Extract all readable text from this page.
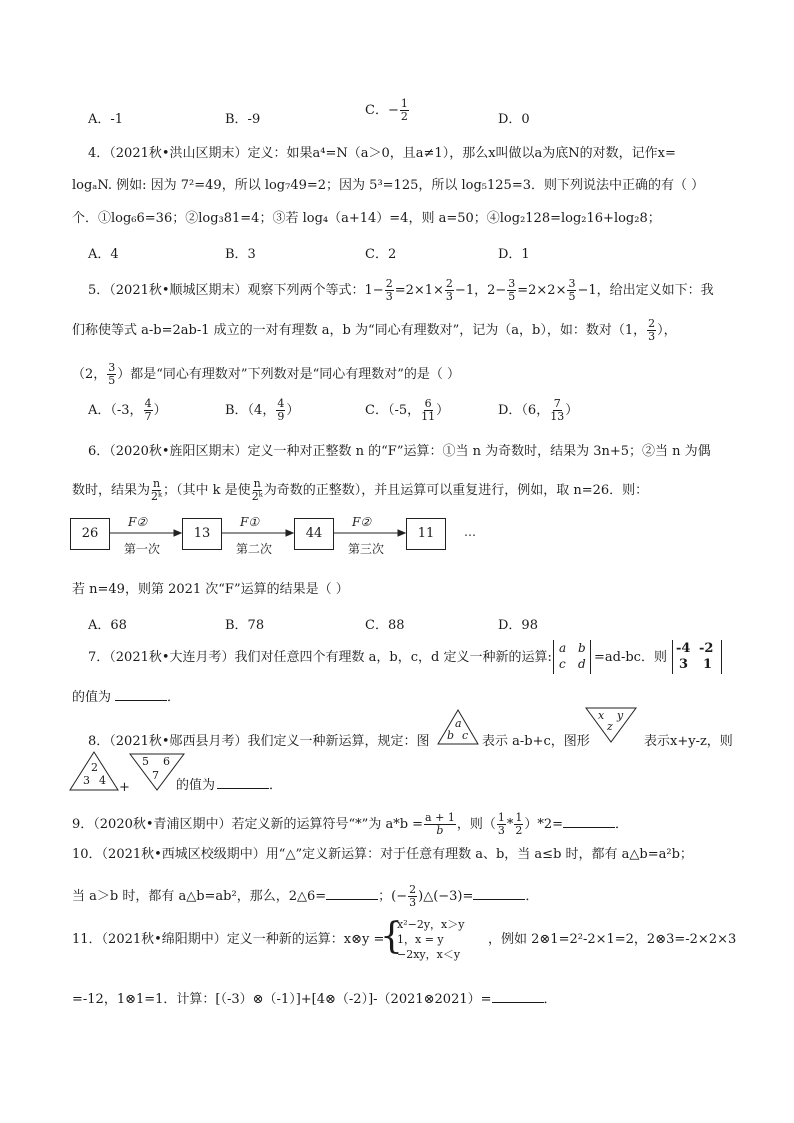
A．-1	B．-9
C．− $\frac{1}{2}$	D．0
4．（2021秋•洪山区期末）定义：如果a⁴=N（a＞0，且a≠1），那么x叫做以a为底N的对数，记作x=
logₐN. 例如: 因为 7²=49，所以 log₇49=2；因为 5³=125，所以 log₅125=3．则下列说法中正确的有（ ）
个．①log₆6=36；②log₃81=4；③若 log₄（a+14）=4，则 a=50；④log₂128=log₂16+log₂8；
A．4	B．3	C．2	D．1
5．（2021秋•顺城区期末）观察下列两个等式：$1- \frac{2}{3} =2\times 1\times \frac{2}{3} -1$，$2- \frac{3}{5} =2\times 2\times \frac{3}{5} -1$，给出定义如下：我
们称使等式 a-b=2ab-1 成立的一对有理数 a，b 为“同心有理数对”，记为（a，b），如：数对（1， $\frac{2}{3}$ ），
（2， $\frac{3}{5}$ ）都是“同心有理数对”下列数对是“同心有理数对”的是（ ）
A．（-3， $\frac{4}{7}$ ）	B．（4， $\frac{4}{9}$ ）	C．（-5， $\frac{6}{11}$ ）	D．（6， $\frac{7}{13}$ ）
6．（2020秋•旌阳区期末）定义一种对正整数 n 的“F”运算：①当 n 为奇数时，结果为 3n+5；②当 n 为偶
数时，结果为 $\frac{n}{\text{2ᵏ}}$ ；（其中 k 是使 $\frac{n}{\text{2ᵏ}}$ 为奇数的正整数），并且运算可以重复进行，例如，取 n=26．则：
26	13	44	11
F②	F①	F②
第一次	第二次	第三次
…
若 n=49，则第 2021 次“F”运算的结果是（ ）
A．68	B．78	C．88	D．98
7．（2021秋•大连月考）我们对任意四个有理数 a，b，c，d 定义一种新的运算:
a b
c d =ad-bc．则
-4 -2
3 1
的值为	．
8．（2021秋•郧西县月考）我们定义一种新运算，规定：图
a
b c 表示 a-b+c，图形
x y
z
表示x+y-z，则
2
3 4 +
5 6
7
的值为	．
9．（2020秋•青浦区期中）若定义新的运算符号“*”为 $a*b = \frac{a + 1}{b}$ ，则（ $\frac{1}{3} * \frac{1}{2} )*2=$	．
10．（2021秋•西城区校级期中）用“△”定义新运算：对于任意有理数 a、b，当 a≤b 时，都有 a△b=a²b；
当 a＞b 时，都有 a△b=ab²，那么，2△6=	；(− $\frac{2}{3}$ )△(−3)=	．
11．（2021秋•绵阳期中）定义一种新的运算：x⊗y =
{
x²−2y，x＞y
1，x = y
−2xy，x＜y
，例如 2⊗1=2²-2×1=2，2⊗3=-2×2×3
=-12，1⊗1=1．计算：[（-3）⊗（-1）]+[4⊗（-2）]-（2021⊗2021）=	．
